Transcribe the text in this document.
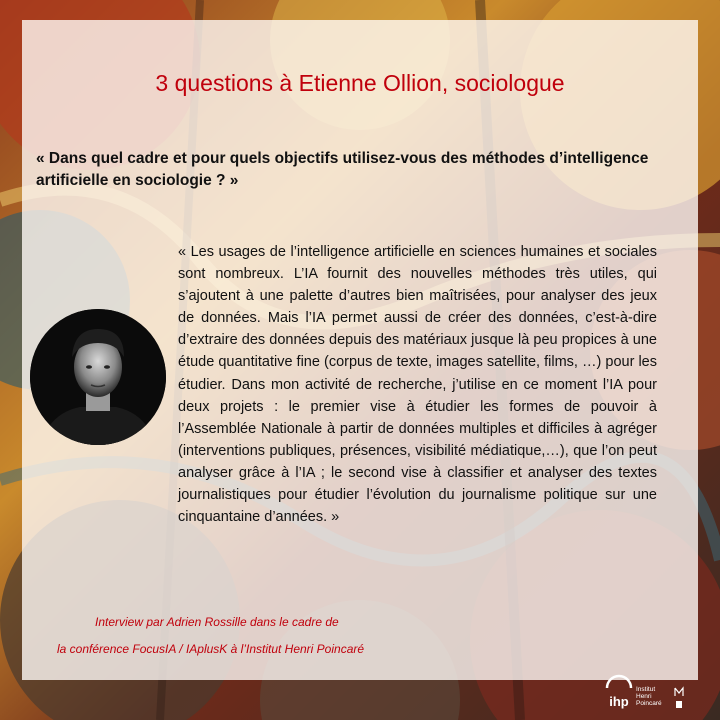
3 questions à Etienne Ollion, sociologue
« Dans quel cadre et pour quels objectifs utilisez-vous des méthodes d’intelligence artificielle en sociologie ? »
« Les usages de l’intelligence artificielle en sciences humaines et sociales sont nombreux. L’IA fournit des nouvelles méthodes très utiles, qui s’ajoutent à une palette d’autres bien maîtrisées, pour analyser des jeux de données. Mais l’IA permet aussi de créer des données, c’est-à-dire d’extraire des données depuis des matériaux jusque là peu propices à une étude quantitative fine (corpus de texte, images satellite, films, …) pour les étudier. Dans mon activité de recherche, j’utilise en ce moment l’IA pour deux projets : le premier vise à étudier les formes de pouvoir à l’Assemblée Nationale à partir de données multiples et difficiles à agréger (interventions publiques, présences, visibilité médiatique,…), que l’on peut analyser grâce à l’IA ; le second vise à classifier et analyser des textes journalistiques pour étudier l’évolution du journalisme politique sur une cinquantaine d’années. »
Interview par Adrien Rossille dans le cadre de
la conférence FocusIA / IAplusK à l’Institut Henri Poincaré
ihp
Institut
Henri
Poincaré
